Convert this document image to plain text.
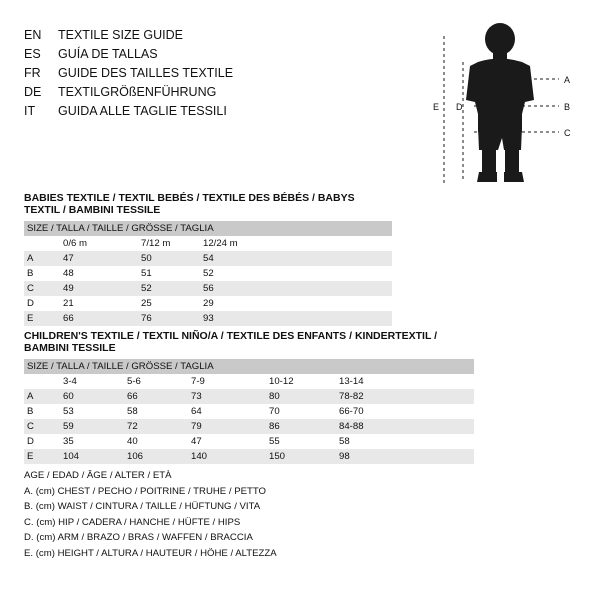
EN	TEXTILE SIZE GUIDE
ES	GUÍA DE TALLAS
FR	GUIDE DES TAILLES TEXTILE
DE	TEXTILGRÖßENFÜHRUNG
IT	GUIDA ALLE TAGLIE TESSILI
A
B
C
D
E
BABIES TEXTILE / TEXTIL BEBÉS / TEXTILE DES BÉBÉS / BABYS TEXTIL / BAMBINI TESSILE
SIZE / TALLA / TAILLE / GRÖSSE / TAGLIA			
	0/6 m	7/12 m	12/24 m
A	47	50	54
B	48	51	52
C	49	52	56
D	21	25	29
E	66	76	93
CHILDREN'S TEXTILE / TEXTIL NIÑO/A / TEXTILE DES ENFANTS / KINDERTEXTIL / BAMBINI TESSILE
SIZE / TALLA / TAILLE / GRÖSSE / TAGLIA					
	3-4	5-6	7-9	10-12	13-14
A	60	66	73	80	78-82
B	53	58	64	70	66-70
C	59	72	79	86	84-88
D	35	40	47	55	58
E	104	106	140	150	98
AGE / EDAD / ÂGE / ALTER / ETÀ
A. (cm) CHEST / PECHO / POITRINE / TRUHE / PETTO
B. (cm) WAIST / CINTURA / TAILLE / HÜFTUNG / VITA
C. (cm) HIP / CADERA / HANCHE / HÜFTE / HIPS
D. (cm) ARM / BRAZO / BRAS / WAFFEN / BRACCIA
E. (cm) HEIGHT / ALTURA / HAUTEUR / HÖHE / ALTEZZA
